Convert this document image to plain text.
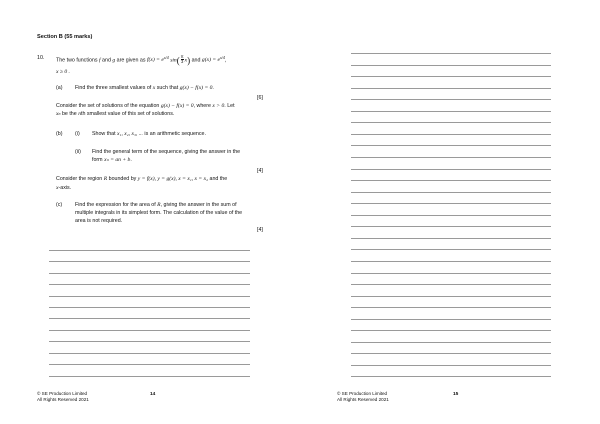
Section B (55 marks)
10. The two functions f and g are given as $f(x) = e^{x/4}$ $\sin( \frac{\pi}{3} x)$ and $g(x) = e^{x/4}$,
x ≥ 0 .
(a) Find the three smallest values of x such that g(x) − f(x) = 0.
[6]
Consider the set of solutions of the equation g(x) − f(x) = 0, where x > 0. Let
xn be the nth smallest value of this set of solutions.
(b) (i) Show that x₁, x₂, x₃, ... is an arithmetic sequence.
(ii) Find the general term of the sequence, giving the answer in the
form xₙ = an + b.
[4]
Consider the region R bounded by y = f(x), y = g(x), x = x₁, x = x₂ and the
x-axis.
(c) Find the expression for the area of R, giving the answer in the sum of
multiple integrals in its simplest form. The calculation of the value of the
area is not required.
[4]
© SE Production Limited
All Rights Reserved 2021
14	© SE Production Limited
All Rights Reserved 2021
15
